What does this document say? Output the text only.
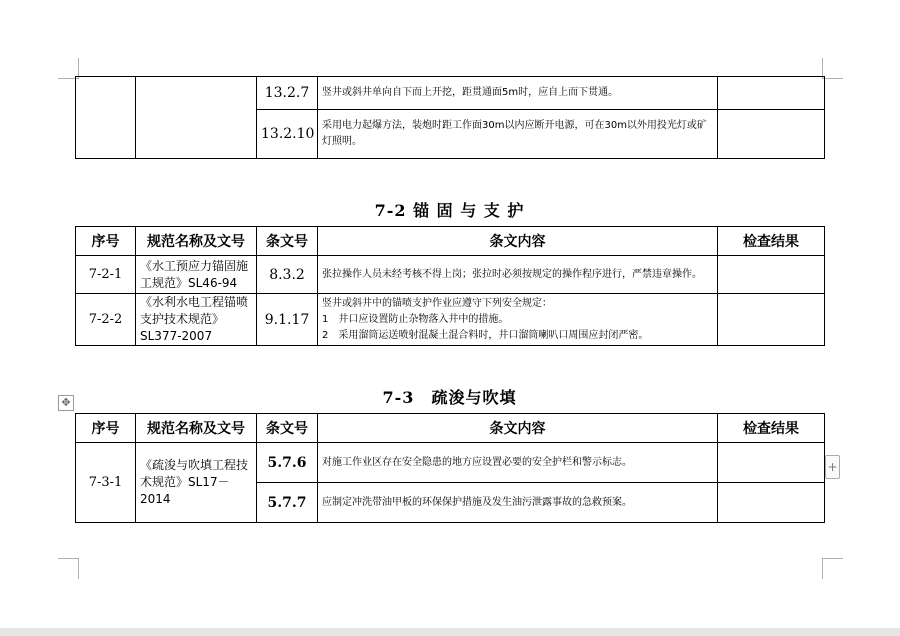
		13.2.7	竖井或斜井单向自下而上开挖，距贯通面5m时，应自上而下贯通。	
		13.2.10	采用电力起爆方法，装炮时距工作面30m以内应断开电源，可在30m以外用投光灯或矿灯照明。	
7-2 锚 固 与 支 护
序号	规范名称及文号	条文号	条文内容	检查结果
7-2-1	《水工预应力锚固施工规范》SL46-94	8.3.2	张拉操作人员未经考核不得上岗；张拉时必须按规定的操作程序进行，严禁违章操作。	
7-2-2	《水利水电工程锚喷支护技术规范》SL377-2007	9.1.17	竖井或斜井中的锚喷支护作业应遵守下列安全规定：
1　井口应设置防止杂物落入井中的措施。
2　采用溜筒运送喷射混凝土混合料时，井口溜筒喇叭口周围应封闭严密。	

✥	7-3　疏浚与吹填
序号	规范名称及文号	条文号	条文内容	检查结果
7-3-1	《疏浚与吹填工程技术规范》SL17－2014	5.7.6	对施工作业区存在安全隐患的地方应设置必要的安全护栏和警示标志。	
		5.7.7	应制定冲洗带油甲板的环保保护措施及发生油污泄露事故的急救预案。	
+
